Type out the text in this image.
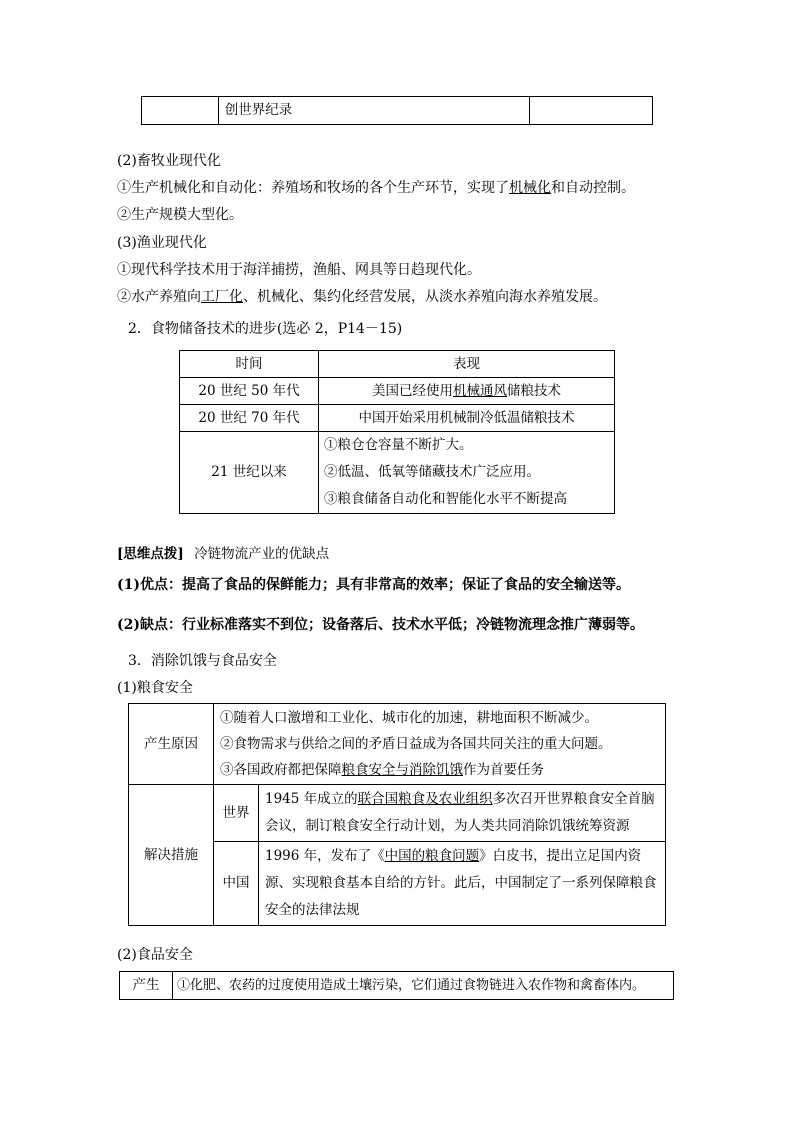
	创世界纪录	
(2)畜牧业现代化
①生产机械化和自动化：养殖场和牧场的各个生产环节，实现了机械化和自动控制。
②生产规模大型化。
(3)渔业现代化
①现代科学技术用于海洋捕捞，渔船、网具等日趋现代化。
②水产养殖向工厂化、机械化、集约化经营发展，从淡水养殖向海水养殖发展。
2．食物储备技术的进步(选必 2，P14－15)
时间	表现
20 世纪 50 年代	美国已经使用机械通风储粮技术
20 世纪 70 年代	中国开始采用机械制冷低温储粮技术
21 世纪以来	①粮仓仓容量不断扩大。
②低温、低氧等储藏技术广泛应用。
③粮食储备自动化和智能化水平不断提高
[思维点拨] 冷链物流产业的优缺点
(1)优点：提高了食品的保鲜能力；具有非常高的效率；保证了食品的安全输送等。
(2)缺点：行业标准落实不到位；设备落后、技术水平低；冷链物流理念推广薄弱等。
3．消除饥饿与食品安全
(1)粮食安全
产生原因	①随着人口激增和工业化、城市化的加速，耕地面积不断减少。
②食物需求与供给之间的矛盾日益成为各国共同关注的重大问题。
③各国政府都把保障粮食安全与消除饥饿作为首要任务	

解决措施	世界	1945 年成立的联合国粮食及农业组织多次召开世界粮食安全首脑会议，制订粮食安全行动计划，为人类共同消除饥饿统筹资源
	中国	1996 年，发布了《中国的粮食问题》白皮书，提出立足国内资源、实现粮食基本自给的方针。此后，中国制定了一系列保障粮食安全的法律法规
(2)食品安全
产生	①化肥、农药的过度使用造成土壤污染，它们通过食物链进入农作物和禽畜体内。
